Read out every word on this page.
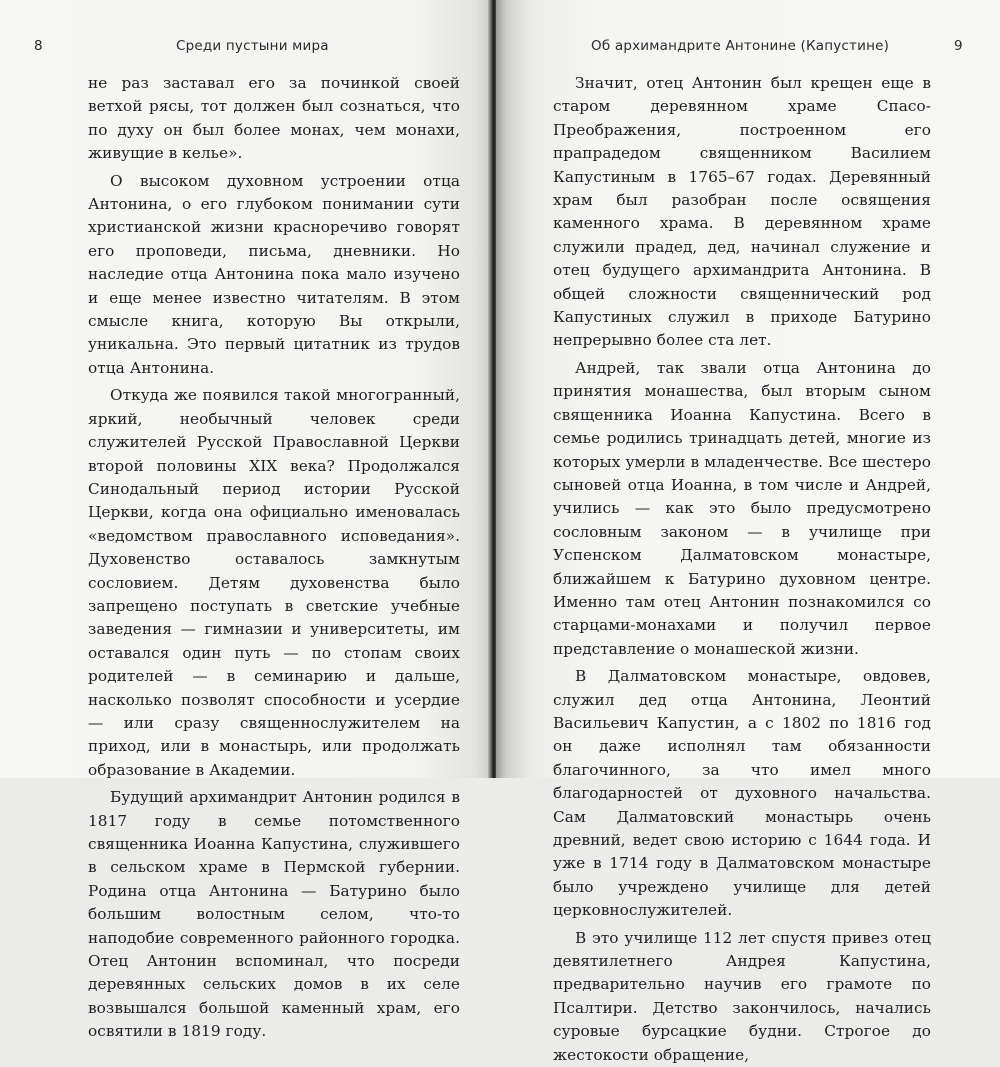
8	Среди пустыни мира

не раз заставал его за починкой своей ветхой рясы, тот должен был сознаться, что по духу он был более монах, чем монахи, живущие в келье».

О высоком духовном устроении отца Антонина, о его глубоком понимании сути христианской жизни красноречиво говорят его проповеди, письма, дневники. Но наследие отца Антонина пока мало изучено и еще менее известно читателям. В этом смысле книга, которую Вы открыли, уникальна. Это первый цитатник из трудов отца Антонина.

Откуда же появился такой многогранный, яркий, необычный человек среди служителей Русской Православной Церкви второй половины XIX века? Продолжался Синодальный период истории Русской Церкви, когда она официально именовалась «ведомством православного исповедания». Духовенство оставалось замкнутым сословием. Детям духовенства было запрещено поступать в светские учебные заведения — гимназии и университеты, им оставался один путь — по стопам своих родителей — в семинарию и дальше, насколько позволят способности и усердие — или сразу священнослужителем на приход, или в монастырь, или продолжать образование в Академии.

Будущий архимандрит Антонин родился в 1817 году в семье потомственного священника Иоанна Капустина, служившего в сельском храме в Пермской губернии. Родина отца Антонина — Батурино было большим волостным селом, что-то наподобие современного районного городка. Отец Антонин вспоминал, что посреди деревянных сельских домов в их селе возвышался большой каменный храм, его освятили в 1819 году.

Об архимандрите Антонине (Капустине)	9

Значит, отец Антонин был крещен еще в старом деревянном храме Спасо-Преображения, построенном его прапрадедом священником Василием Капустиным в 1765–67 годах. Деревянный храм был разобран после освящения каменного храма. В деревянном храме служили прадед, дед, начинал служение и отец будущего архимандрита Антонина. В общей сложности священнический род Капустиных служил в приходе Батурино непрерывно более ста лет.

Андрей, так звали отца Антонина до принятия монашества, был вторым сыном священника Иоанна Капустина. Всего в семье родились тринадцать детей, многие из которых умерли в младенчестве. Все шестеро сыновей отца Иоанна, в том числе и Андрей, учились — как это было предусмотрено сословным законом — в училище при Успенском Далматовском монастыре, ближайшем к Батурино духовном центре. Именно там отец Антонин познакомился со старцами-монахами и получил первое представление о монашеской жизни.

В Далматовском монастыре, овдовев, служил дед отца Антонина, Леонтий Васильевич Капустин, а с 1802 по 1816 год он даже исполнял там обязанности благочинного, за что имел много благодарностей от духовного начальства. Сам Далматовский монастырь очень древний, ведет свою историю с 1644 года. И уже в 1714 году в Далматовском монастыре было учреждено училище для детей церковнослужителей.

В это училище 112 лет спустя привез отец девятилетнего Андрея Капустина, предварительно научив его грамоте по Псалтири. Детство закончилось, начались суровые бурсацкие будни. Строгое до жестокости обращение,
